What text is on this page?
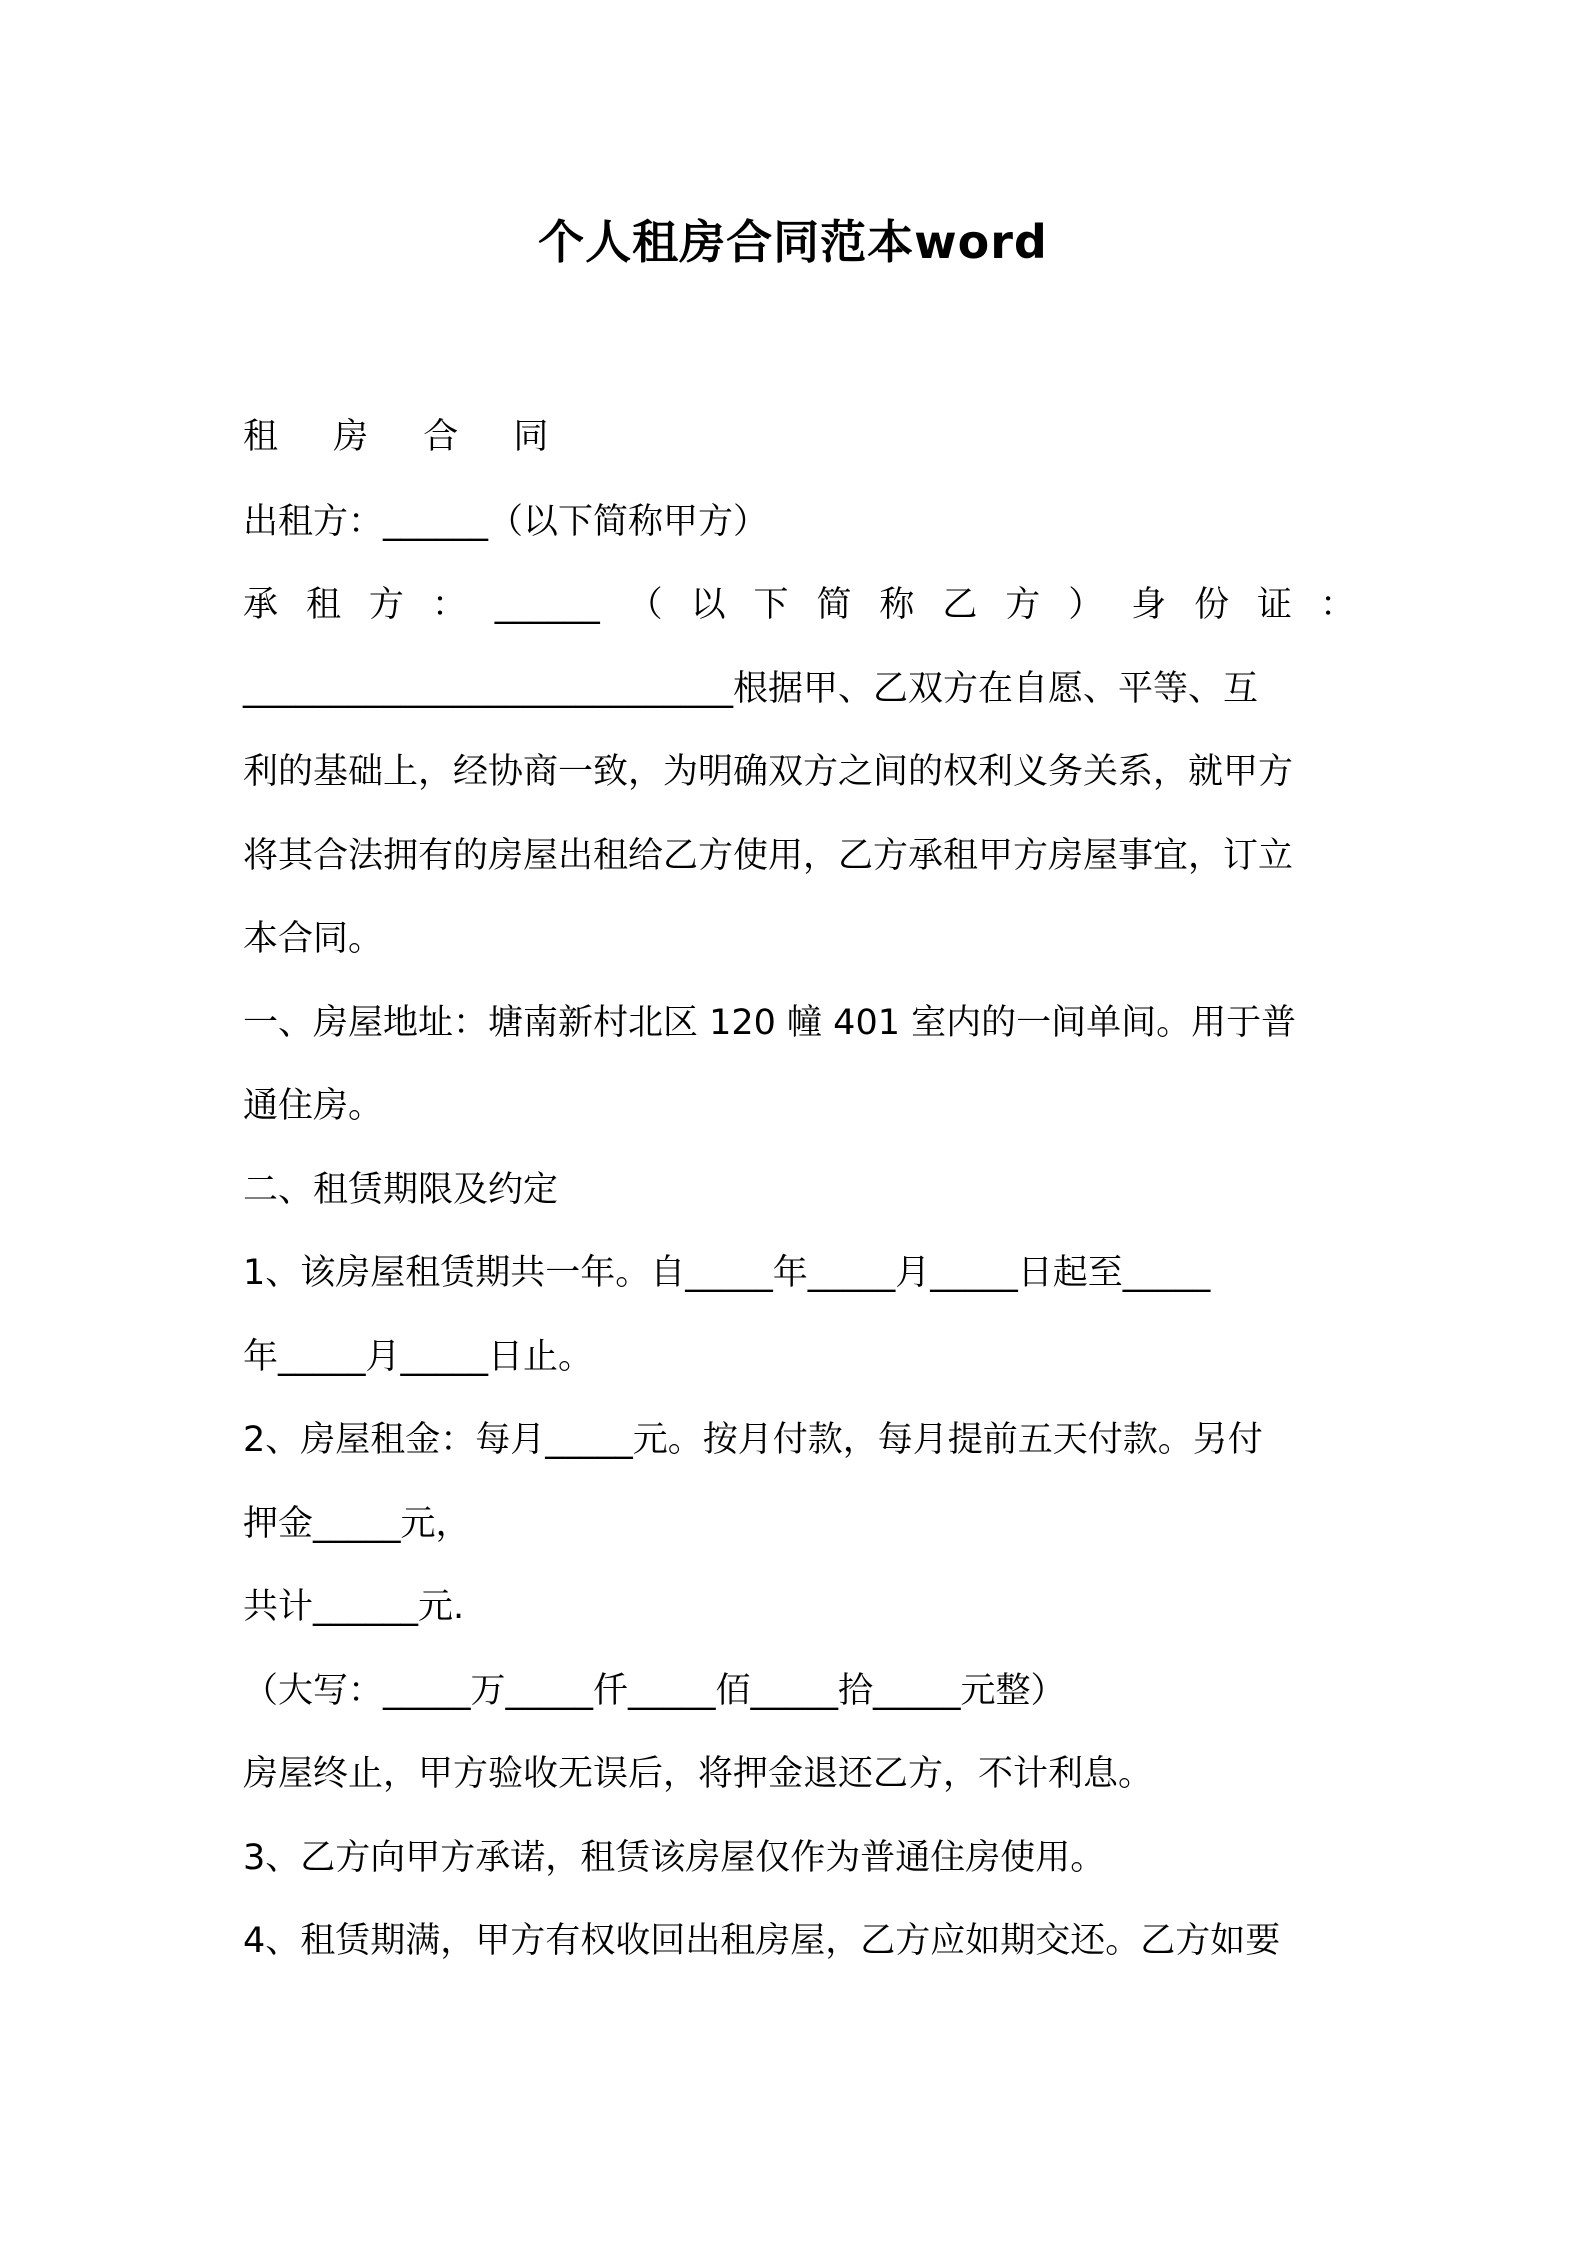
个人租房合同范本word
租 房 合 同
出租方：______（以下简称甲方）
承 租 方 ： ______ （ 以 下 简 称 乙 方 ） 身 份 证 ：
____________________________根据甲、乙双方在自愿、平等、互
利的基础上，经协商一致，为明确双方之间的权利义务关系，就甲方
将其合法拥有的房屋出租给乙方使用，乙方承租甲方房屋事宜，订立
本合同。
一、房屋地址：塘南新村北区 120 幢 401 室内的一间单间。用于普
通住房。
二、租赁期限及约定
1、该房屋租赁期共一年。自_____年_____月_____日起至_____
年_____月_____日止。
2、房屋租金：每月_____元。按月付款，每月提前五天付款。另付
押金_____元，
共计______元.
（大写：_____万_____仟_____佰_____拾_____元整）
房屋终止，甲方验收无误后，将押金退还乙方，不计利息。
3、乙方向甲方承诺，租赁该房屋仅作为普通住房使用。
4、租赁期满，甲方有权收回出租房屋，乙方应如期交还。乙方如要
